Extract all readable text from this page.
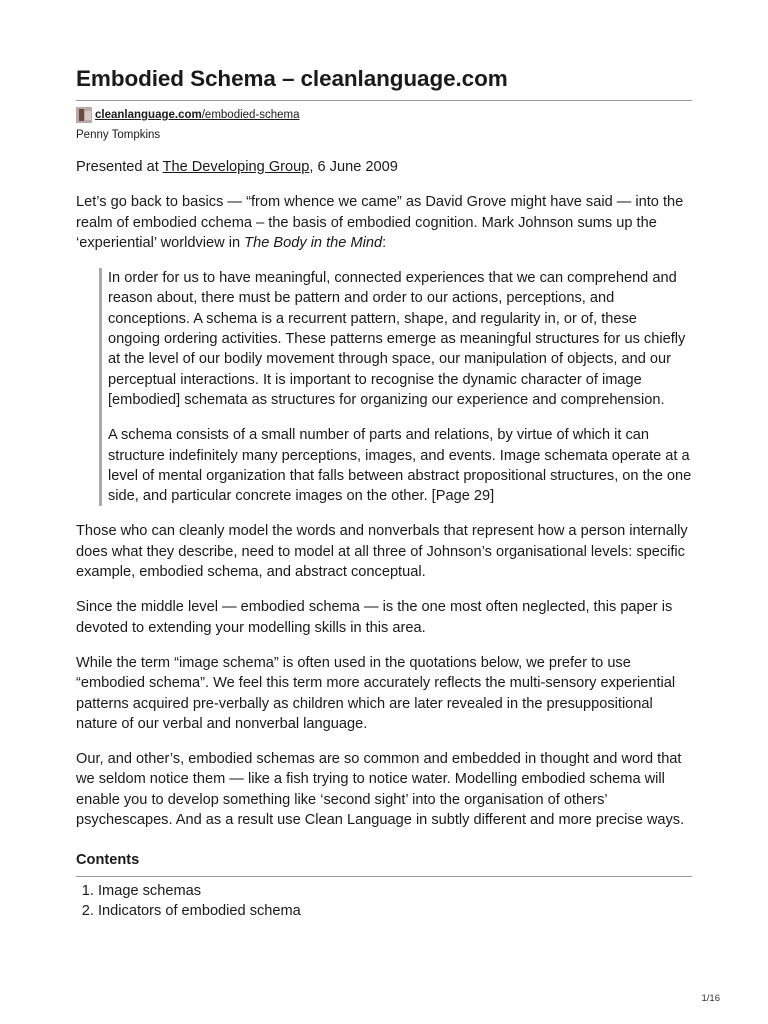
Embodied Schema – cleanlanguage.com
cleanlanguage.com/embodied-schema
Penny Tompkins

Presented at The Developing Group, 6 June 2009

Let’s go back to basics — “from whence we came” as David Grove might have said — into the realm of embodied cchema – the basis of embodied cognition. Mark Johnson sums up the ‘experiential’ worldview in The Body in the Mind:

In order for us to have meaningful, connected experiences that we can comprehend and reason about, there must be pattern and order to our actions, perceptions, and conceptions. A schema is a recurrent pattern, shape, and regularity in, or of, these ongoing ordering activities. These patterns emerge as meaningful structures for us chiefly at the level of our bodily movement through space, our manipulation of objects, and our perceptual interactions. It is important to recognise the dynamic character of image [embodied] schemata as structures for organizing our experience and comprehension.

A schema consists of a small number of parts and relations, by virtue of which it can structure indefinitely many perceptions, images, and events. Image schemata operate at a level of mental organization that falls between abstract propositional structures, on the one side, and particular concrete images on the other. [Page 29]

Those who can cleanly model the words and nonverbals that represent how a person internally does what they describe, need to model at all three of Johnson’s organisational levels: specific example, embodied schema, and abstract conceptual.

Since the middle level — embodied schema — is the one most often neglected, this paper is devoted to extending your modelling skills in this area.

While the term “image schema” is often used in the quotations below, we prefer to use “embodied schema”. We feel this term more accurately reflects the multi-sensory experiential patterns acquired pre-verbally as children which are later revealed in the presuppositional nature of our verbal and nonverbal language.

Our, and other’s, embodied schemas are so common and embedded in thought and word that we seldom notice them — like a fish trying to notice water. Modelling embodied schema will enable you to develop something like ‘second sight’ into the organisation of others’ psychescapes. And as a result use Clean Language in subtly different and more precise ways.

Contents

1. Image schemas
2. Indicators of embodied schema
1/16
